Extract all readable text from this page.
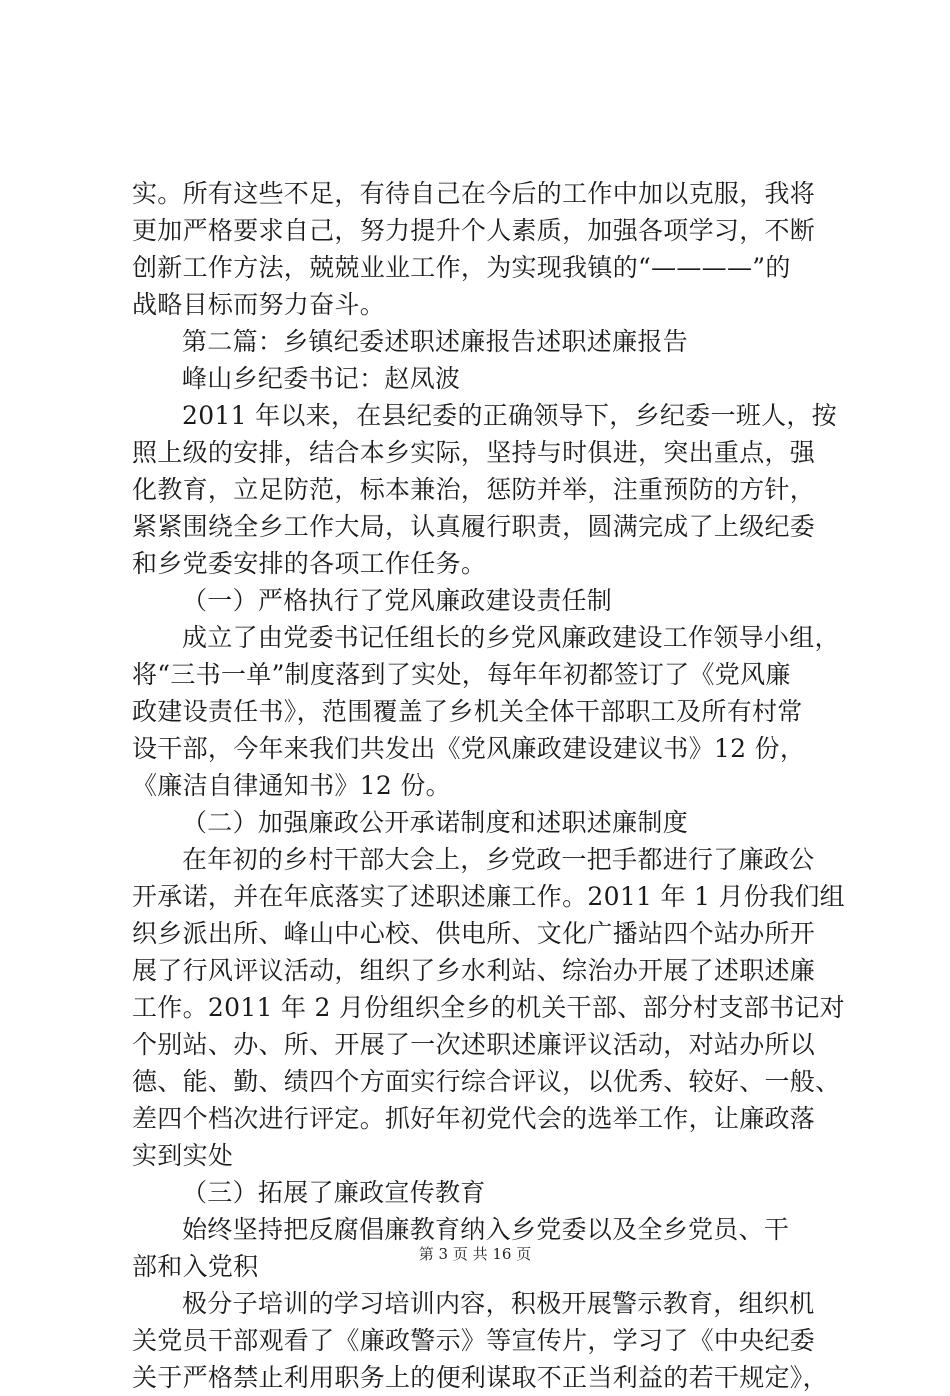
实。所有这些不足，有待自己在今后的工作中加以克服，我将
更加严格要求自己，努力提升个人素质，加强各项学习，不断
创新工作方法，兢兢业业工作，为实现我镇的“————”的
战略目标而努力奋斗。
第二篇：乡镇纪委述职述廉报告述职述廉报告
峰山乡纪委书记：赵凤波
2011 年以来，在县纪委的正确领导下，乡纪委一班人，按
照上级的安排，结合本乡实际，坚持与时俱进，突出重点，强
化教育，立足防范，标本兼治，惩防并举，注重预防的方针，
紧紧围绕全乡工作大局，认真履行职责，圆满完成了上级纪委
和乡党委安排的各项工作任务。
（一）严格执行了党风廉政建设责任制
成立了由党委书记任组长的乡党风廉政建设工作领导小组，
将“三书一单”制度落到了实处，每年年初都签订了《党风廉
政建设责任书》，范围覆盖了乡机关全体干部职工及所有村常
设干部，今年来我们共发出《党风廉政建设建议书》12 份，
《廉洁自律通知书》12 份。
（二）加强廉政公开承诺制度和述职述廉制度
在年初的乡村干部大会上，乡党政一把手都进行了廉政公
开承诺，并在年底落实了述职述廉工作。2011 年 1 月份我们组
织乡派出所、峰山中心校、供电所、文化广播站四个站办所开
展了行风评议活动，组织了乡水利站、综治办开展了述职述廉
工作。2011 年 2 月份组织全乡的机关干部、部分村支部书记对
个别站、办、所、开展了一次述职述廉评议活动，对站办所以
德、能、勤、绩四个方面实行综合评议，以优秀、较好、一般、
差四个档次进行评定。抓好年初党代会的选举工作，让廉政落
实到实处
（三）拓展了廉政宣传教育
始终坚持把反腐倡廉教育纳入乡党委以及全乡党员、干
部和入党积
极分子培训的学习培训内容，积极开展警示教育，组织机
关党员干部观看了《廉政警示》等宣传片，学习了《中央纪委
关于严格禁止利用职务上的便利谋取不正当利益的若干规定》，
第 3 页 共 16 页
